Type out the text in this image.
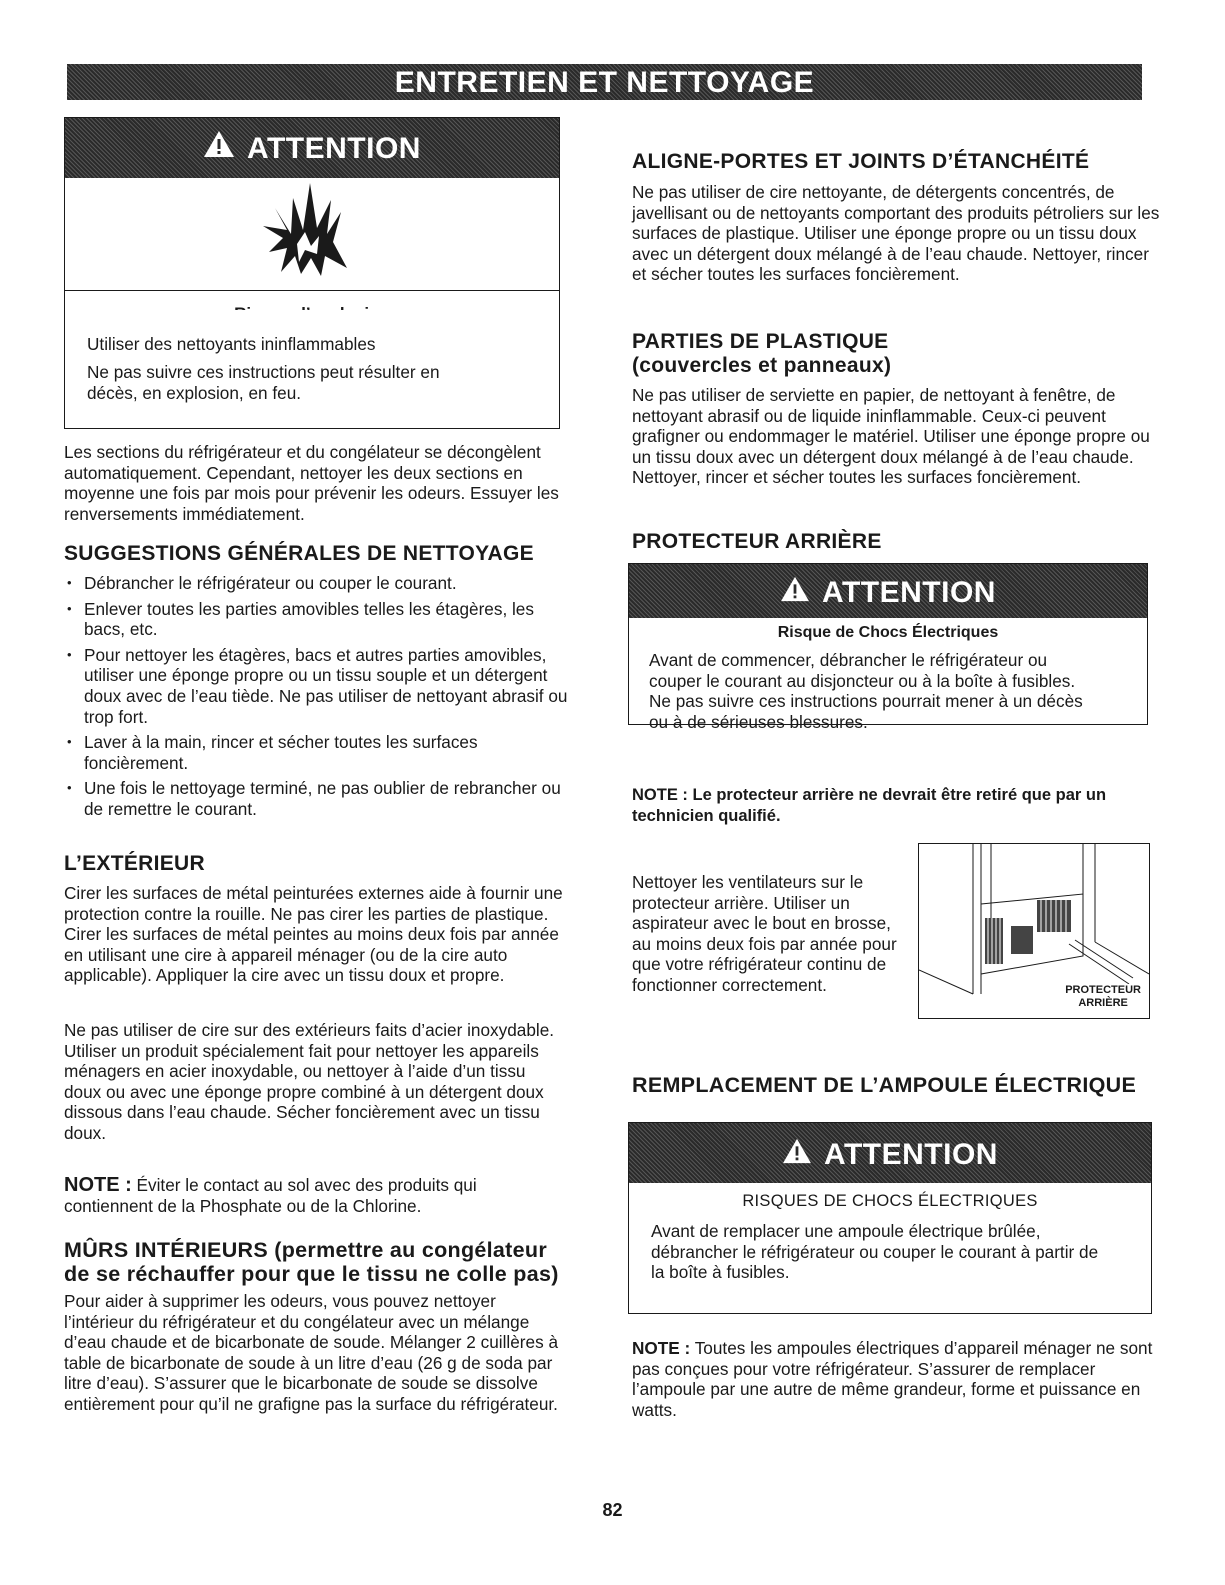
ENTRETIEN ET NETTOYAGE
ATTENTION
Utiliser des nettoyants ininflammables
Ne pas suivre ces instructions peut résulter en décès, en explosion, en feu.

Les sections du réfrigérateur et du congélateur se décongèlent automatiquement. Cependant, nettoyer les deux sections en moyenne une fois par mois pour prévenir les odeurs. Essuyer les renversements immédiatement.

SUGGESTIONS GÉNÉRALES DE NETTOYAGE
• Débrancher le réfrigérateur ou couper le courant.
• Enlever toutes les parties amovibles telles les étagères, les bacs, etc.
• Pour nettoyer les étagères, bacs et autres parties amovibles, utiliser une éponge propre ou un tissu souple et un détergent doux avec de l’eau tiède. Ne pas utiliser de nettoyant abrasif ou trop fort.
• Laver à la main, rincer et sécher toutes les surfaces foncièrement.
• Une fois le nettoyage terminé, ne pas oublier de rebrancher ou de remettre le courant.
L’EXTÉRIEUR

Cirer les surfaces de métal peinturées externes aide à fournir une protection contre la rouille. Ne pas cirer les parties de plastique. Cirer les surfaces de métal peintes au moins deux fois par année en utilisant une cire à appareil ménager (ou de la cire auto applicable). Appliquer la cire avec un tissu doux et propre.

Ne pas utiliser de cire sur des extérieurs faits d’acier inoxydable. Utiliser un produit spécialement fait pour nettoyer les appareils ménagers en acier inoxydable, ou nettoyer à l’aide d’un tissu doux ou avec une éponge propre combiné à un détergent doux dissous dans l’eau chaude. Sécher foncièrement avec un tissu doux.

NOTE : Éviter le contact au sol avec des produits qui contiennent de la Phosphate ou de la Chlorine.

MÛRS INTÉRIEURS (permettre au congélateur
de se réchauffer pour que le tissu ne colle pas)

Pour aider à supprimer les odeurs, vous pouvez nettoyer l’intérieur du réfrigérateur et du congélateur avec un mélange d’eau chaude et de bicarbonate de soude. Mélanger 2 cuillères à table de bicarbonate de soude à un litre d’eau (26 g de soda par litre d’eau). S’assurer que le bicarbonate de soude se dissolve entièrement pour qu’il ne grafigne pas la surface du réfrigérateur.

ALIGNE-PORTES ET JOINTS D’ÉTANCHÉITÉ

Ne pas utiliser de cire nettoyante, de détergents concentrés, de javellisant ou de nettoyants comportant des produits pétroliers sur les surfaces de plastique. Utiliser une éponge propre ou un tissu doux avec un détergent doux mélangé à de l’eau chaude. Nettoyer, rincer et sécher toutes les surfaces foncièrement.

PARTIES DE PLASTIQUE
(couvercles et panneaux)

Ne pas utiliser de serviette en papier, de nettoyant à fenêtre, de nettoyant abrasif ou de liquide ininflammable. Ceux-ci peuvent grafigner ou endommager le matériel. Utiliser une éponge propre ou un tissu doux avec un détergent doux mélangé à de l’eau chaude. Nettoyer, rincer et sécher toutes les surfaces foncièrement.

PROTECTEUR ARRIÈRE
ATTENTION
Risque de Chocs Électriques

Avant de commencer, débrancher le réfrigérateur ou couper le courant au disjoncteur ou à la boîte à fusibles. Ne pas suivre ces instructions pourrait mener à un décès ou à de sérieuses blessures.

NOTE : Le protecteur arrière ne devrait être retiré que par un technicien qualifié.

Nettoyer les ventilateurs sur le protecteur arrière. Utiliser un aspirateur avec le bout en brosse, au moins deux fois par année pour que votre réfrigérateur continu de fonctionner correctement.	PROTECTEUR
ARRIÈRE
REMPLACEMENT DE L’AMPOULE ÉLECTRIQUE
ATTENTION
RISQUES DE CHOCS ÉLECTRIQUES

Avant de remplacer une ampoule électrique brûlée, débrancher le réfrigérateur ou couper le courant à partir de la boîte à fusibles.

NOTE : Toutes les ampoules électriques d’appareil ménager ne sont pas conçues pour votre réfrigérateur. S’assurer de remplacer l’ampoule par une autre de même grandeur, forme et puissance en watts.

82
